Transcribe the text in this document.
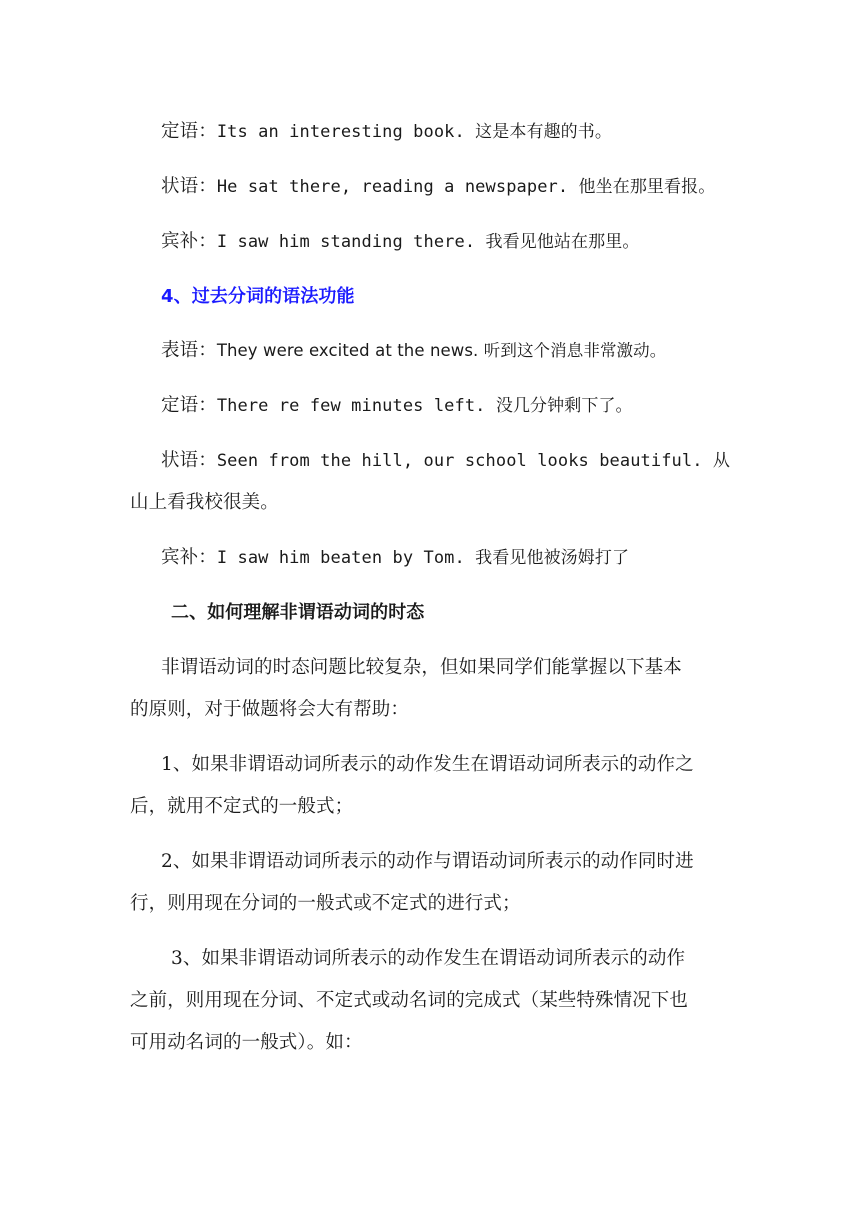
定语：Its an interesting book. 这是本有趣的书。
状语：He sat there, reading a newspaper. 他坐在那里看报。
宾补：I saw him standing there. 我看见他站在那里。
4、过去分词的语法功能
表语：They were excited at the news. 听到这个消息非常激动。
定语：There re few minutes left. 没几分钟剩下了。
状语：Seen from the hill, our school looks beautiful. 从
山上看我校很美。
宾补：I saw him beaten by Tom. 我看见他被汤姆打了
二、如何理解非谓语动词的时态
非谓语动词的时态问题比较复杂，但如果同学们能掌握以下基本
的原则，对于做题将会大有帮助：
1、如果非谓语动词所表示的动作发生在谓语动词所表示的动作之
后，就用不定式的一般式；
2、如果非谓语动词所表示的动作与谓语动词所表示的动作同时进
行，则用现在分词的一般式或不定式的进行式；
3、如果非谓语动词所表示的动作发生在谓语动词所表示的动作
之前，则用现在分词、不定式或动名词的完成式（某些特殊情况下也
可用动名词的一般式）。如：
